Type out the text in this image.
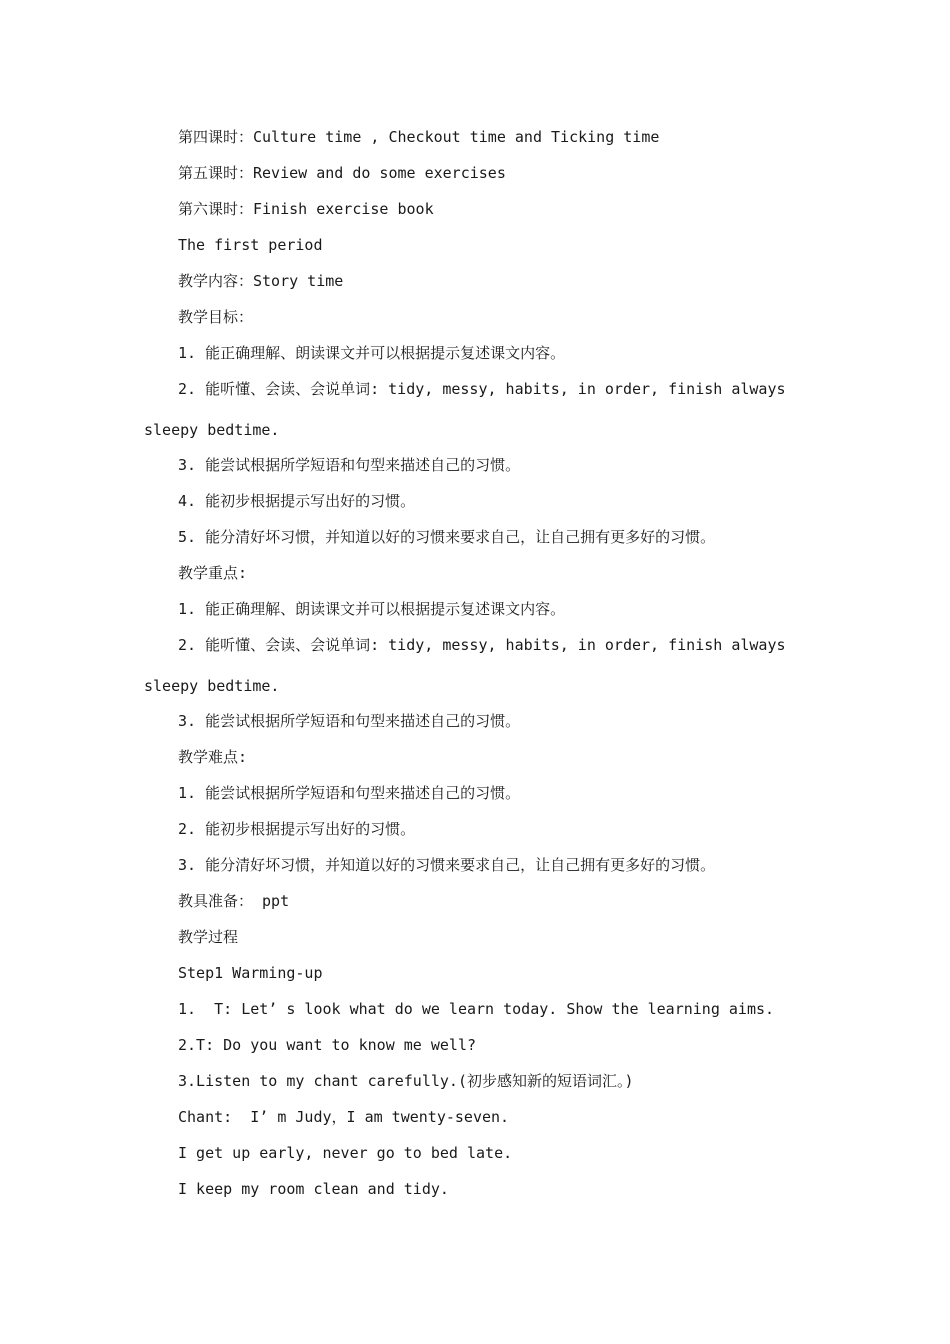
第四课时：Culture time , Checkout time and Ticking time
第五课时：Review and do some exercises
第六课时：Finish exercise book
The first period
教学内容：Story time
教学目标：
1. 能正确理解、朗读课文并可以根据提示复述课文内容。
2. 能听懂、会读、会说单词: tidy, messy, habits, in order, finish always
sleepy bedtime.
3. 能尝试根据所学短语和句型来描述自己的习惯。
4. 能初步根据提示写出好的习惯。
5. 能分清好坏习惯，并知道以好的习惯来要求自己，让自己拥有更多好的习惯。
教学重点:
1. 能正确理解、朗读课文并可以根据提示复述课文内容。
2. 能听懂、会读、会说单词: tidy, messy, habits, in order, finish always
sleepy bedtime.
3. 能尝试根据所学短语和句型来描述自己的习惯。
教学难点:
1. 能尝试根据所学短语和句型来描述自己的习惯。
2. 能初步根据提示写出好的习惯。
3. 能分清好坏习惯，并知道以好的习惯来要求自己，让自己拥有更多好的习惯。
教具准备： ppt
教学过程
Step1 Warming-up
1.  T: Let’ s look what do we learn today. Show the learning aims.
2.T: Do you want to know me well?
3.Listen to my chant carefully.(初步感知新的短语词汇。)
Chant:  I’ m Judy，I am twenty-seven.
I get up early, never go to bed late.
I keep my room clean and tidy.
